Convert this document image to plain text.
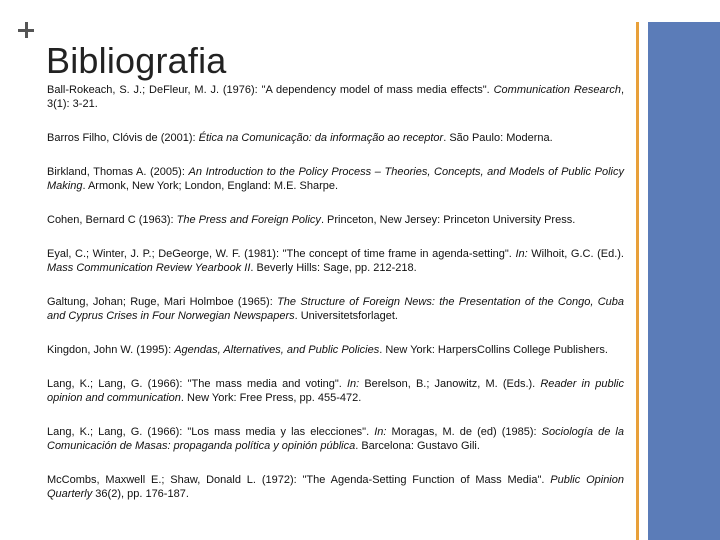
Bibliografia
Ball-Rokeach, S. J.; DeFleur, M. J. (1976): "A dependency model of mass media effects". Communication Research, 3(1): 3-21.
Barros Filho, Clóvis de (2001): Ética na Comunicação: da informação ao receptor. São Paulo: Moderna.
Birkland, Thomas A. (2005): An Introduction to the Policy Process – Theories, Concepts, and Models of Public Policy Making. Armonk, New York; London, England: M.E. Sharpe.
Cohen, Bernard C (1963): The Press and Foreign Policy. Princeton, New Jersey: Princeton University Press.
Eyal, C.; Winter, J. P.; DeGeorge, W. F. (1981): "The concept of time frame in agenda-setting". In: Wilhoit, G.C. (Ed.). Mass Communication Review Yearbook II. Beverly Hills: Sage, pp. 212-218.
Galtung, Johan; Ruge, Mari Holmboe (1965): The Structure of Foreign News: the Presentation of the Congo, Cuba and Cyprus Crises in Four Norwegian Newspapers. Universitetsforlaget.
Kingdon, John W. (1995): Agendas, Alternatives, and Public Policies. New York: HarpersCollins College Publishers.
Lang, K.; Lang, G. (1966): "The mass media and voting". In: Berelson, B.; Janowitz, M. (Eds.). Reader in public opinion and communication. New York: Free Press, pp. 455-472.
Lang, K.; Lang, G. (1966): "Los mass media y las elecciones". In: Moragas, M. de (ed) (1985): Sociología de la Comunicación de Masas: propaganda política y opinión pública. Barcelona: Gustavo Gili.
McCombs, Maxwell E.; Shaw, Donald L. (1972): "The Agenda-Setting Function of Mass Media". Public Opinion Quarterly 36(2), pp. 176-187.
